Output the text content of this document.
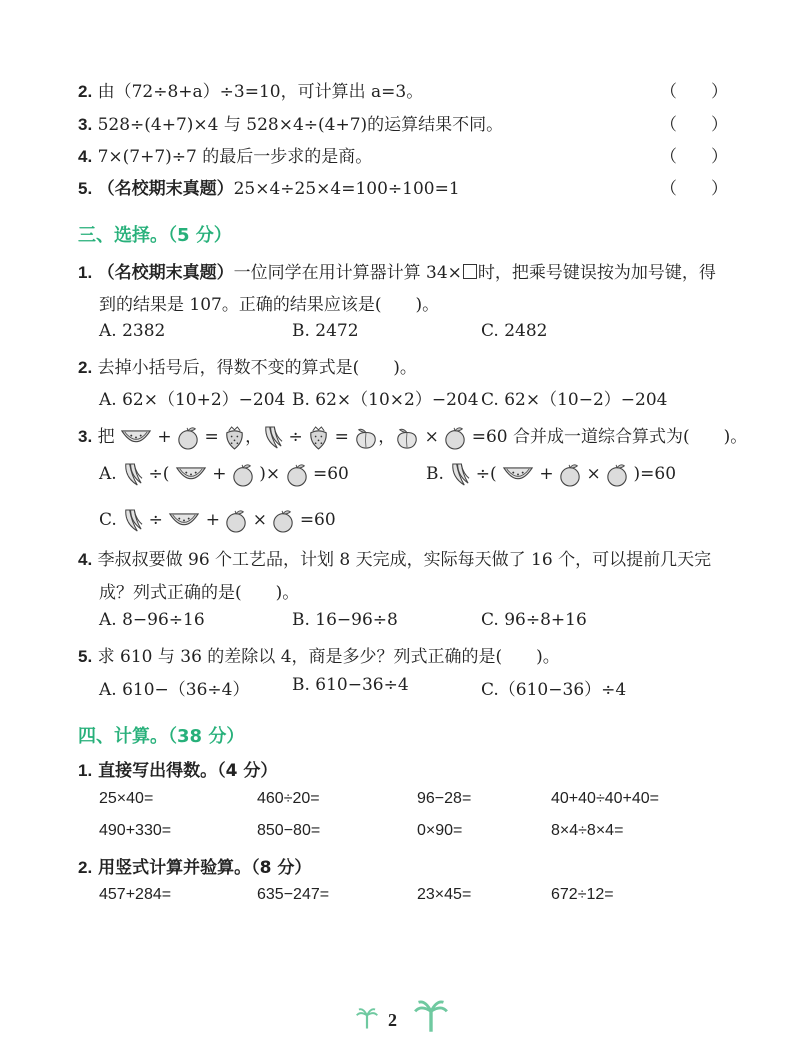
2. 由（72÷8+a）÷3=10，可计算出 a=3。	（　　）
3. 528÷(4+7)×4 与 528×4÷(4+7)的运算结果不同。	（　　）
4. 7×(7+7)÷7 的最后一步求的是商。	（　　）
5. （名校期末真题）25×4÷25×4=100÷100=1	（　　）
三、选择。（5 分）
1. （名校期末真题）一位同学在用计算器计算 34× 时，把乘号键误按为加号键，得
到的结果是 107。正确的结果应该是(　　)。
A. 2382	B. 2472	C. 2482
2. 去掉小括号后，得数不变的算式是(　　)。
A. 62×（10+2）−204 B. 62×（10×2）−204 C. 62×（10−2）−204
3. 把	+ = ， ÷ = ， × =60 合并成一道综合算式为(　　)。
A. ÷(	+ )× =60	B. ÷(	+ × )=60
C. ÷	+ × =60
4. 李叔叔要做 96 个工艺品，计划 8 天完成，实际每天做了 16 个，可以提前几天完
成？列式正确的是(　　)。
A. 8−96÷16	B. 16−96÷8	C. 96÷8+16
5. 求 610 与 36 的差除以 4，商是多少？列式正确的是(　　)。
A. 610−（36÷4）	B. 610−36÷4	C.（610−36）÷4
四、计算。（38 分）
1. 直接写出得数。（4 分）
25×40=	460÷20=	96−28=	40+40÷40+40=
490+330=	850−80=	0×90=	8×4÷8×4=
2. 用竖式计算并验算。（8 分）
457+284=	635−247=	23×45=	672÷12=
2
